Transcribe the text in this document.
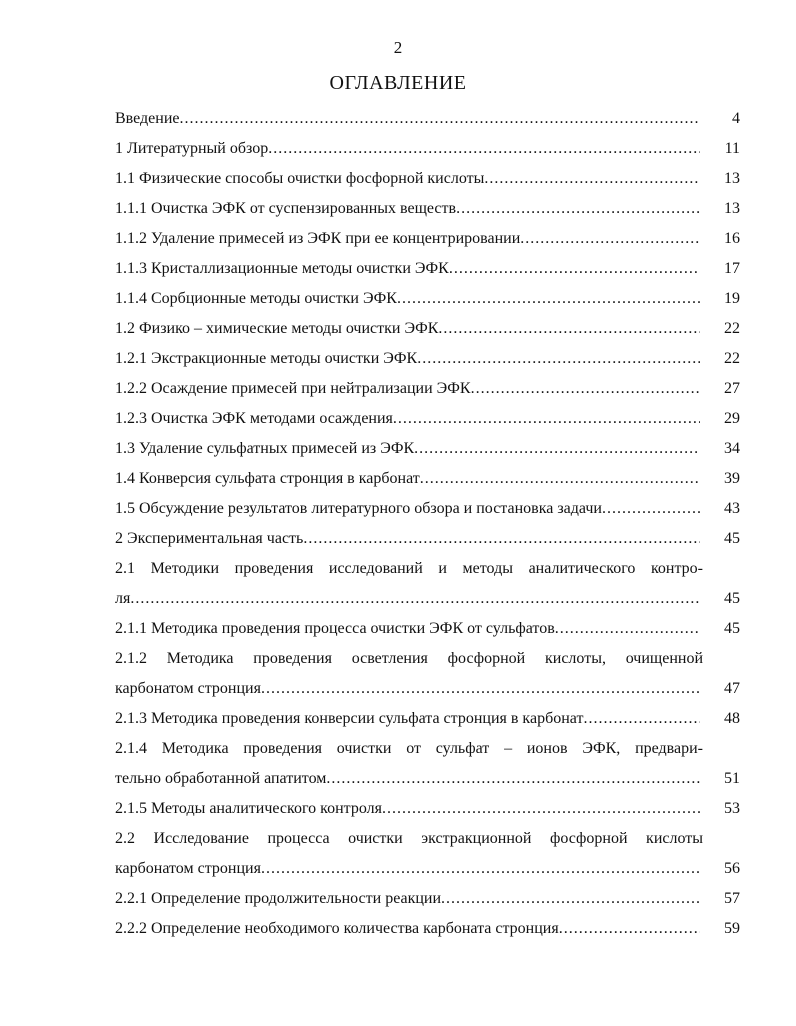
2
ОГЛАВЛЕНИЕ
Введение .....	4
1 Литературный обзор .....	11
1.1 Физические способы очистки фосфорной кислоты .....	13
1.1.1 Очистка ЭФК от суспензированных веществ .....	13
1.1.2 Удаление примесей из ЭФК при ее концентрировании .....	16
1.1.3 Кристаллизационные методы очистки ЭФК .....	17
1.1.4 Сорбционные методы очистки ЭФК .....	19
1.2 Физико – химические методы очистки ЭФК .....	22
1.2.1 Экстракционные методы очистки ЭФК .....	22
1.2.2 Осаждение примесей при нейтрализации ЭФК .....	27
1.2.3 Очистка ЭФК методами осаждения .....	29
1.3 Удаление сульфатных примесей из ЭФК .....	34
1.4 Конверсия сульфата стронция в карбонат .....	39
1.5 Обсуждение результатов литературного обзора и постановка задачи .....	43
2 Экспериментальная часть .....	45
2.1 Методики проведения исследований и методы аналитического контро-
ля .....	45
2.1.1 Методика проведения процесса очистки ЭФК от сульфатов .....	45
2.1.2 Методика проведения осветления фосфорной кислоты, очищенной
карбонатом стронция .....	47
2.1.3 Методика проведения конверсии сульфата стронция в карбонат .....	48
2.1.4 Методика проведения очистки от сульфат – ионов ЭФК, предвари-
тельно обработанной апатитом .....	51
2.1.5 Методы аналитического контроля .....	53
2.2 Исследование процесса очистки экстракционной фосфорной кислоты
карбонатом стронция .....	56
2.2.1 Определение продолжительности реакции .....	57
2.2.2 Определение необходимого количества карбоната стронция .....	59
